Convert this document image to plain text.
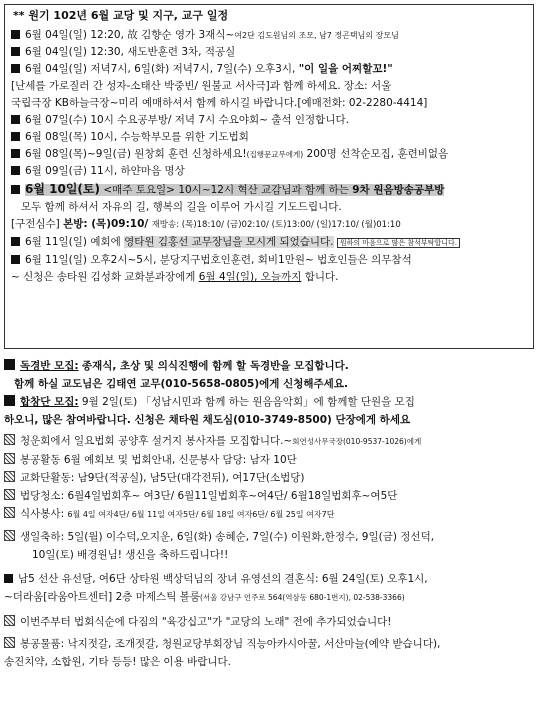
** 원기 102년 6월 교당 및 지구, 교구 일정
6월 04일(일) 12:20, 故 김향순 영가 3재식~여2단 김도원님의 조모, 남7 정곤택님의 장모님
6월 04일(일) 12:30, 새도반훈련 3차, 적공실
6월 04일(일) 저녁7시, 6일(화) 저녁7시, 7일(수) 오후3시, "이 일을 어찌할꼬!"
[난세를 가로질러 간 성자-소태산 박중빈/ 원불교 서사극]과 함께 하세요. 장소: 서울
국립극장 KB하늘극장~미리 예매하셔서 함께 하시길 바랍니다.[예매전화: 02-2280-4414]
6월 07일(수) 10시 수요공부방/ 저녁 7시 수요야회~ 출석 인정합니다.
6월 08일(목) 10시, 수능학부모를 위한 기도법회
6월 08일(목)~9일(금) 원창회 훈련 신청하세요!(집행문교무에게) 200명 선착순모집, 훈련비없음
6월 09일(금) 11시, 하얀마음 명상
6월 10일(토) <매주 토요일> 10시~12시 혁산 교감님과 함께 하는 9차 원음방송공부방
모두 함께 하셔서 자유의 길, 행복의 길을 이루어 가시길 기도드립니다.
[구전심수] 본방: (목)09:10/ 재방송: (목)18:10/ (금)02:10/ (토)13:00/ (일)17:10/ (월)01:10
6월 11일(일) 예회에 영타원 김홍선 교무장님을 모시게 되었습니다. 원하의 마음으로 많은 참석부탁합니다.
6월 11일(일) 오후2시~5시, 분당지구법호인훈련, 회비1만원~ 법호인들은 의무참석
~ 신청은 송타원 김성화 교화분과장에게 6월 4일(일), 오늘까지 합니다.
독경반 모집: 종재식, 초상 및 의식진행에 함께 할 독경반을 모집합니다.
함께 하실 교도님은 김태연 교무(010-5658-0805)에게 신청해주세요.
합창단 모집: 9월 2일(토) 「성남시민과 함께 하는 원음음악회」에 함께할 단원을 모집
하오니, 많은 참여바랍니다. 신청은 채타원 채도심(010-3749-8500) 단장에게 하세요
청운회에서 일요법회 공양후 설거지 봉사자를 모집합니다.~회연성사무국장(010-9537-1026)에게
봉공활동 6월 예회보 및 법회안내, 신문봉사 담당: 남자 10단
교화단활동: 남9단(적공실), 남5단(대각전뒤), 여17단(소법당)
법당청소: 6월4일법회후~ 여3단/ 6월11일법회후~여4단/ 6월18일법회후~여5단
식사봉사: 6월 4일 여자4단/ 6월 11일 여자5단/ 6월 18일 여자6단/ 6월 25일 여자7단
생일축하: 5일(월) 이수덕,오지운, 6일(화) 송혜순, 7일(수) 이원화,한정수, 9일(금) 정선덕,
10일(토) 배경원님! 생신을 축하드립니다!!
남5 선산 유선달, 여6단 상타원 백상덕님의 장녀 유영선의 결혼식: 6월 24일(토) 오후1시,
~더라움[라움아트센터] 2층 마제스틱 볼룸(서울 강남구 언주로 564(역삼동 680-1번지), 02-538-3366)
이번주부터 법회식순에 다짐의 "육강십고"가 "교당의 노래" 전에 추가되었습니다!
봉공물품: 낙지젓갈, 조개젓갈, 청원교당부회장님 직능아카시아꿀, 서산마늘(예약 받습니다),
송진치약, 소합원, 기타 등등! 많은 이용 바랍니다.
